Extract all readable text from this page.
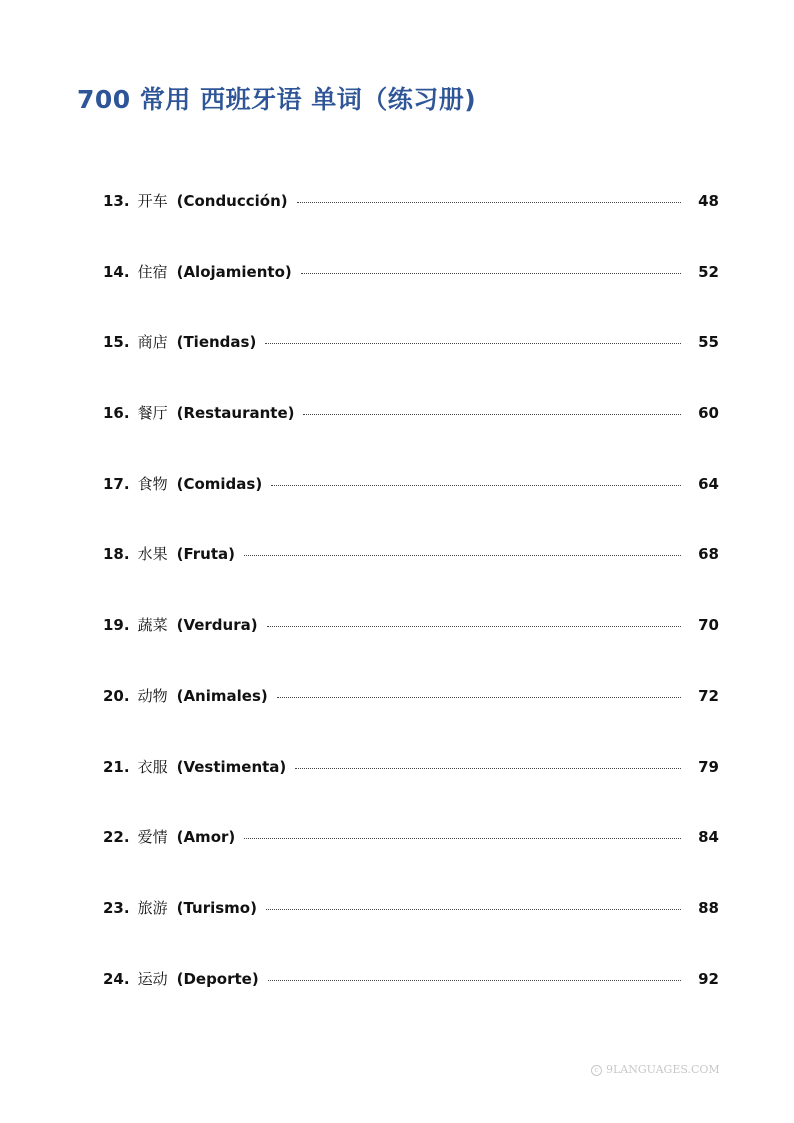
700 常用 西班牙语 单词（练习册)
13. 开车 (Conducción)	48
14. 住宿 (Alojamiento)	52
15. 商店 (Tiendas)	55
16. 餐厅 (Restaurante)	60
17. 食物 (Comidas)	64
18. 水果 (Fruta)	68
19. 蔬菜 (Verdura)	70
20. 动物 (Animales)	72
21. 衣服 (Vestimenta)	79
22. 爱情 (Amor)	84
23. 旅游 (Turismo)	88
24. 运动 (Deporte)	92

c 9LANGUAGES.COM
